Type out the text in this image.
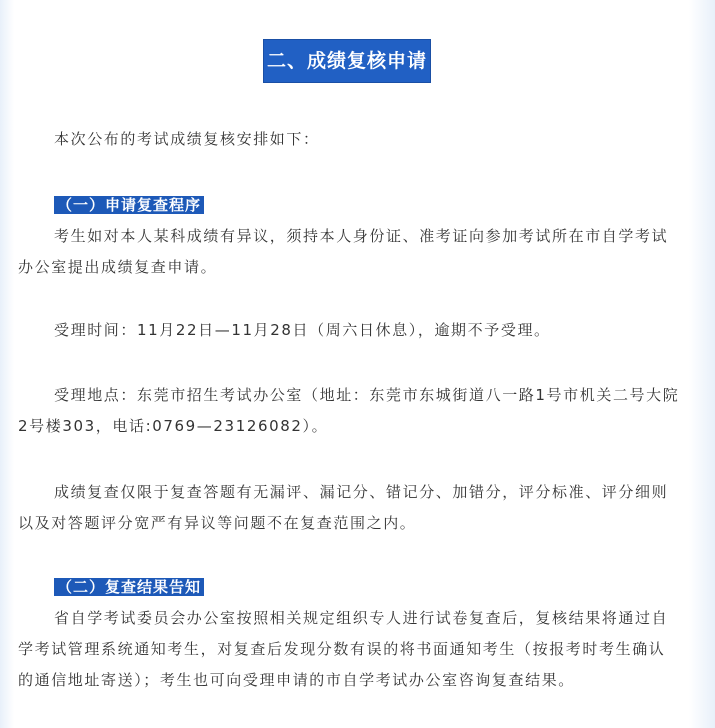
二、成绩复核申请
本次公布的考试成绩复核安排如下：
（一）申请复查程序
考生如对本人某科成绩有异议，须持本人身份证、准考证向参加考试所在市自学考试
办公室提出成绩复查申请。
受理时间：11月22日—11月28日（周六日休息），逾期不予受理。
受理地点：东莞市招生考试办公室（地址：东莞市东城街道八一路1号市机关二号大院
2号楼303，电话:0769—23126082）。
成绩复查仅限于复查答题有无漏评、漏记分、错记分、加错分，评分标准、评分细则
以及对答题评分宽严有异议等问题不在复查范围之内。
（二）复查结果告知
省自学考试委员会办公室按照相关规定组织专人进行试卷复查后，复核结果将通过自
学考试管理系统通知考生，对复查后发现分数有误的将书面通知考生（按报考时考生确认
的通信地址寄送）；考生也可向受理申请的市自学考试办公室咨询复查结果。
